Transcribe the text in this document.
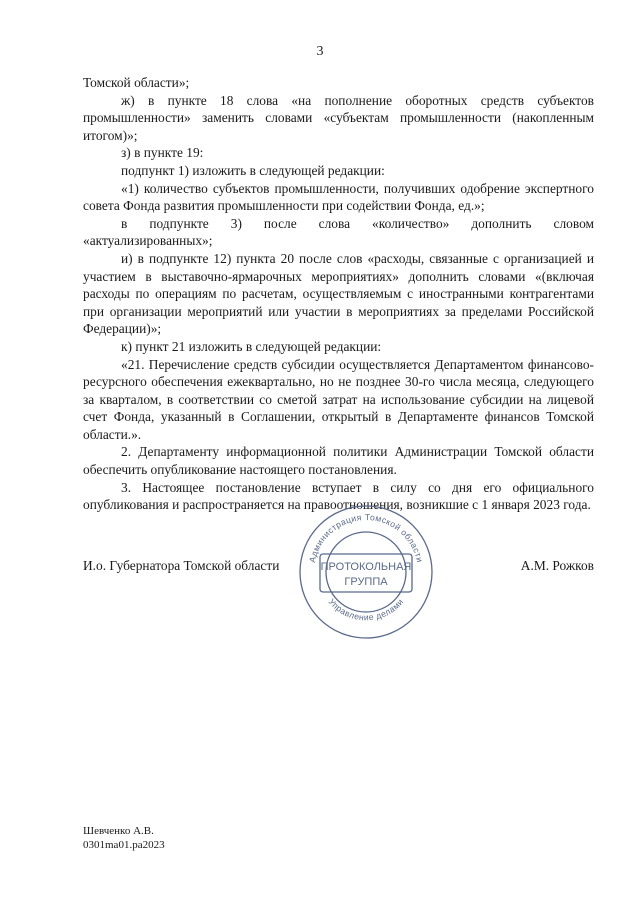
3

Томской области»;

ж) в пункте 18 слова «на пополнение оборотных средств субъектов промышленности» заменить словами «субъектам промышленности (накопленным итогом)»;

з) в пункте 19:

подпункт 1) изложить в следующей редакции:

«1) количество субъектов промышленности, получивших одобрение экспертного совета Фонда развития промышленности при содействии Фонда, ед.»;

в подпункте 3) после слова «количество» дополнить словом «актуализированных»;

и) в подпункте 12) пункта 20 после слов «расходы, связанные с организацией и участием в выставочно-ярмарочных мероприятиях» дополнить словами «(включая расходы по операциям по расчетам, осуществляемым с иностранными контрагентами при организации мероприятий или участии в мероприятиях за пределами Российской Федерации)»;

к) пункт 21 изложить в следующей редакции:

«21. Перечисление средств субсидии осуществляется Департаментом финансово-ресурсного обеспечения ежеквартально, но не позднее 30-го числа месяца, следующего за кварталом, в соответствии со сметой затрат на использование субсидии на лицевой счет Фонда, указанный в Соглашении, открытый в Департаменте финансов Томской области.».

2. Департаменту информационной политики Администрации Томской области обеспечить опубликование настоящего постановления.

3. Настоящее постановление вступает в силу со дня его официального опубликования и распространяется на правоотношения, возникшие с 1 января 2023 года.

И.о. Губернатора Томской области	А.М. Рожков
Администрация Томской области
Управление делами
ПРОТОКОЛЬНАЯ
ГРУППА
Шевченко А.В.
0301ma01.pa2023
